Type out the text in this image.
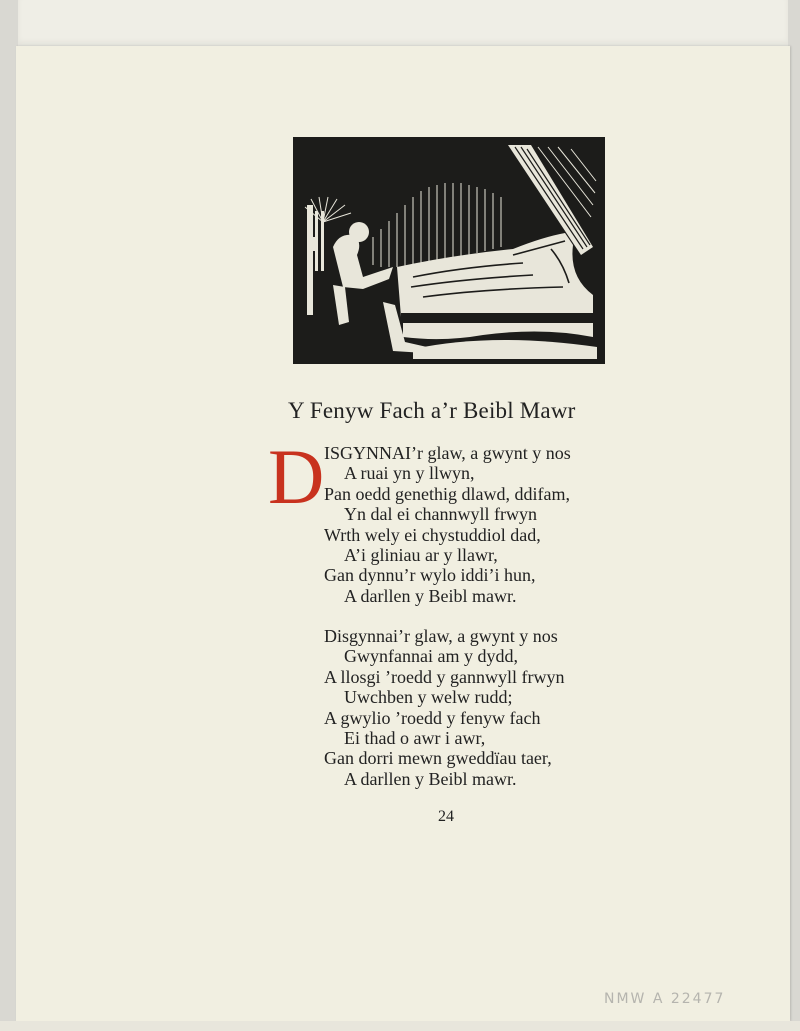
Y Fenyw Fach a’r Beibl Mawr
D ISGYNNAI’r glaw, a gwynt y nos
A ruai yn y llwyn,
Pan oedd genethig dlawd, ddifam,
Yn dal ei channwyll frwyn
Wrth wely ei chystuddiol dad,
A’i gliniau ar y llawr,
Gan dynnu’r wylo iddi’i hun,
A darllen y Beibl mawr.
Disgynnai’r glaw, a gwynt y nos
Gwynfannai am y dydd,
A llosgi ’roedd y gannwyll frwyn
Uwchben y welw rudd;
A gwylio ’roedd y fenyw fach
Ei thad o awr i awr,
Gan dorri mewn gweddïau taer,
A darllen y Beibl mawr.
24
NMW A 22477
